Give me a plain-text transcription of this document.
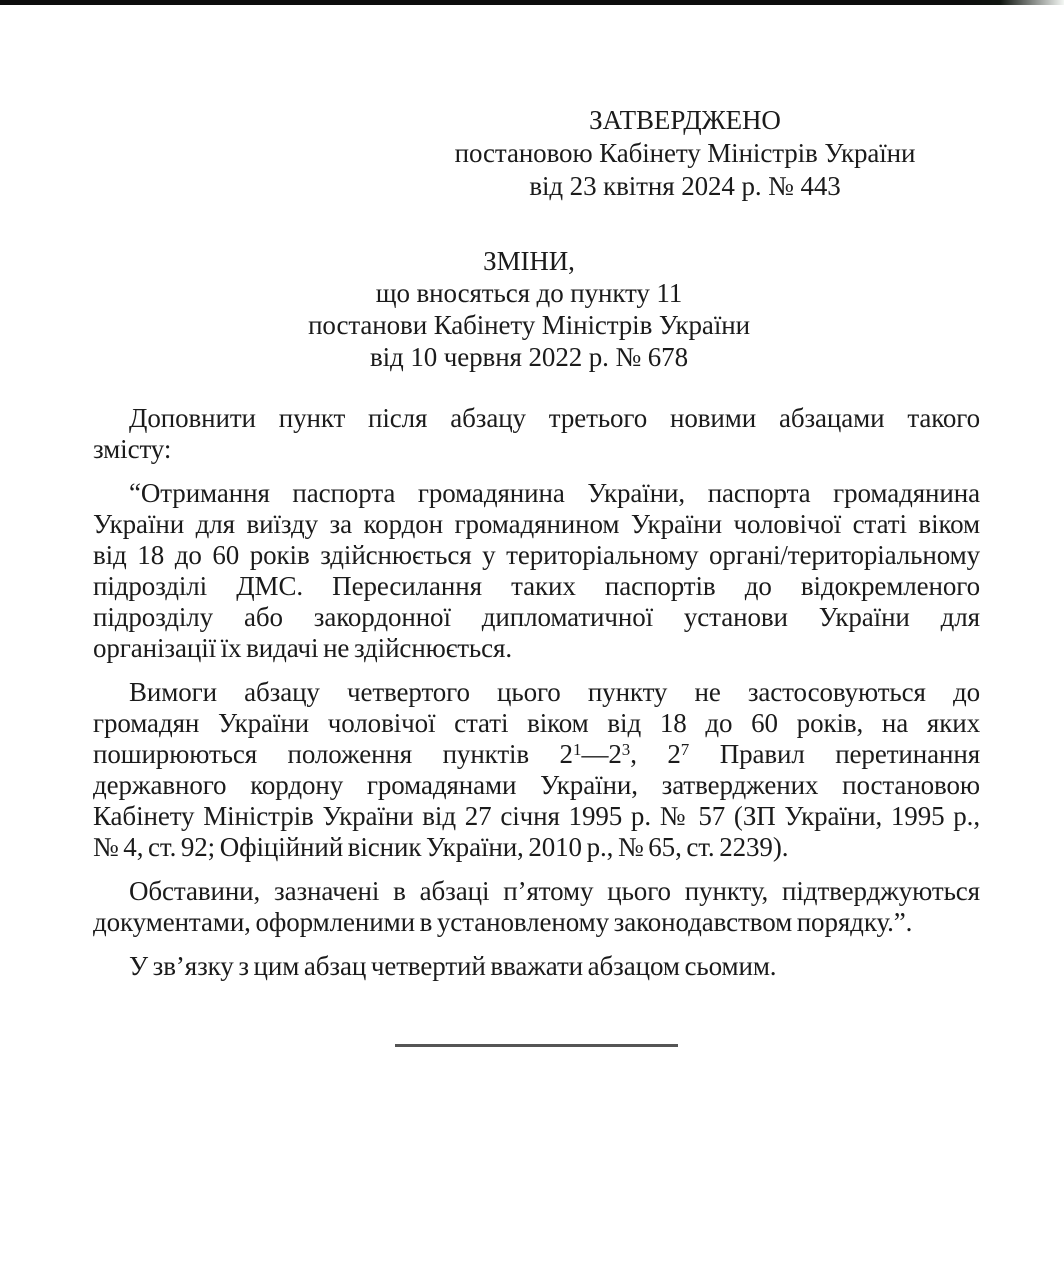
ЗАТВЕРДЖЕНО
постановою Кабінету Міністрів України
від 23 квітня 2024 р. № 443
ЗМІНИ,
що вносяться до пункту 11
постанови Кабінету Міністрів України
від 10 червня 2022 р. № 678
Доповнити пункт після абзацу третього новими абзацами такого
змісту:
“Отримання паспорта громадянина України, паспорта громадянина
України для виїзду за кордон громадянином України чоловічої статі віком
від 18 до 60 років здійснюється у територіальному органі/територіальному
підрозділі ДМС. Пересилання таких паспортів до відокремленого
підрозділу або закордонної дипломатичної установи України для
організації їх видачі не здійснюється.
Вимоги абзацу четвертого цього пункту не застосовуються до
громадян України чоловічої статі віком від 18 до 60 років, на яких
поширюються положення пунктів $2^1—2^3$, $2^7$ Правил перетинання
державного кордону громадянами України, затверджених постановою
Кабінету Міністрів України від 27 січня 1995 р. № 57 (ЗП України, 1995 р.,
№ 4, ст. 92; Офіційний вісник України, 2010 р., № 65, ст. 2239).
Обставини, зазначені в абзаці п’ятому цього пункту, підтверджуються
документами, оформленими в установленому законодавством порядку.”.
У зв’язку з цим абзац четвертий вважати абзацом сьомим.
